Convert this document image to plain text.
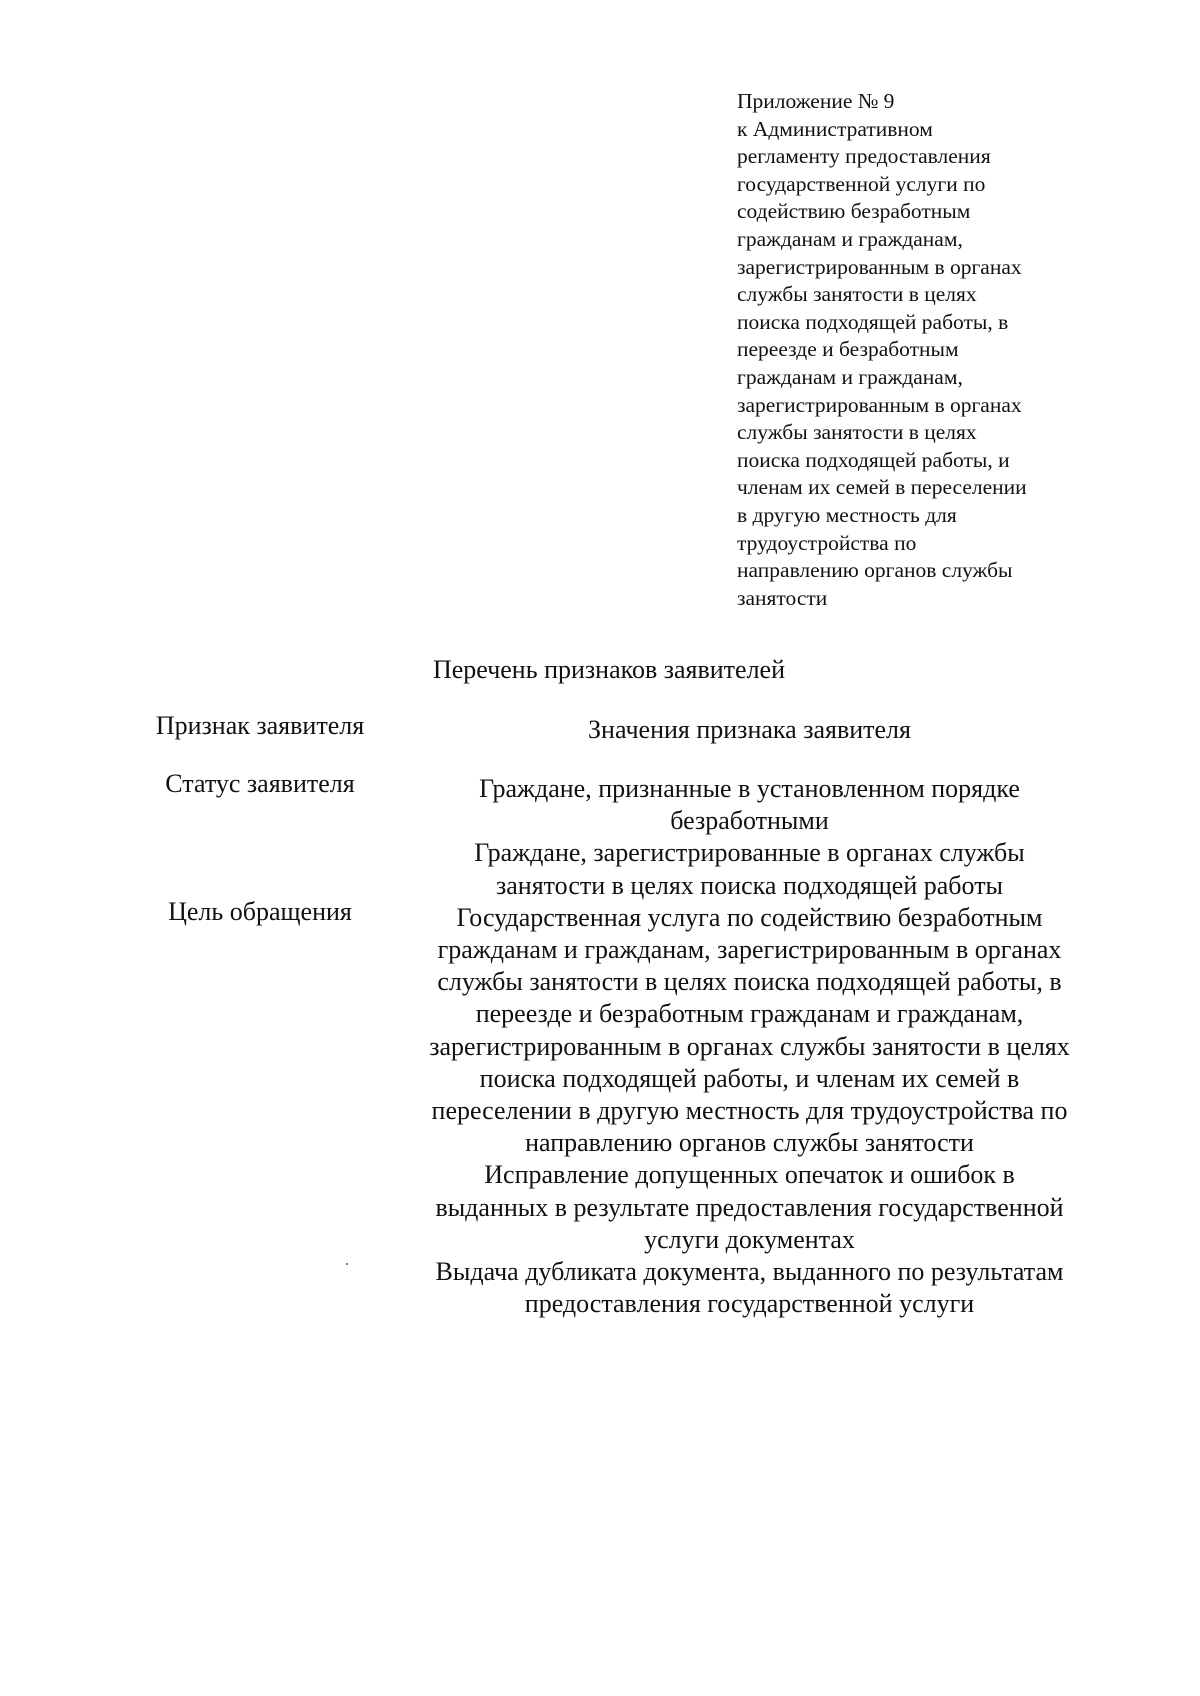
Приложение № 9
к Административном
регламенту предоставления
государственной услуги по
содействию безработным
гражданам и гражданам,
зарегистрированным в органах
службы занятости в целях
поиска подходящей работы, в
переезде и безработным
гражданам и гражданам,
зарегистрированным в органах
службы занятости в целях
поиска подходящей работы, и
членам их семей в переселении
в другую местность для
трудоустройства по
направлению органов службы
занятости
Перечень признаков заявителей
Признак заявителя	Значения признака заявителя
Статус заявителя
Цель обращения
Граждане, признанные в установленном порядке
безработными
Граждане, зарегистрированные в органах службы
занятости в целях поиска подходящей работы
Государственная услуга по содействию безработным
гражданам и гражданам, зарегистрированным в органах
службы занятости в целях поиска подходящей работы, в
переезде и безработным гражданам и гражданам,
зарегистрированным в органах службы занятости в целях
поиска подходящей работы, и членам их семей в
переселении в другую местность для трудоустройства по
направлению органов службы занятости
Исправление допущенных опечаток и ошибок в
выданных в результате предоставления государственной
услуги документах
Выдача дубликата документа, выданного по результатам
предоставления государственной услуги
